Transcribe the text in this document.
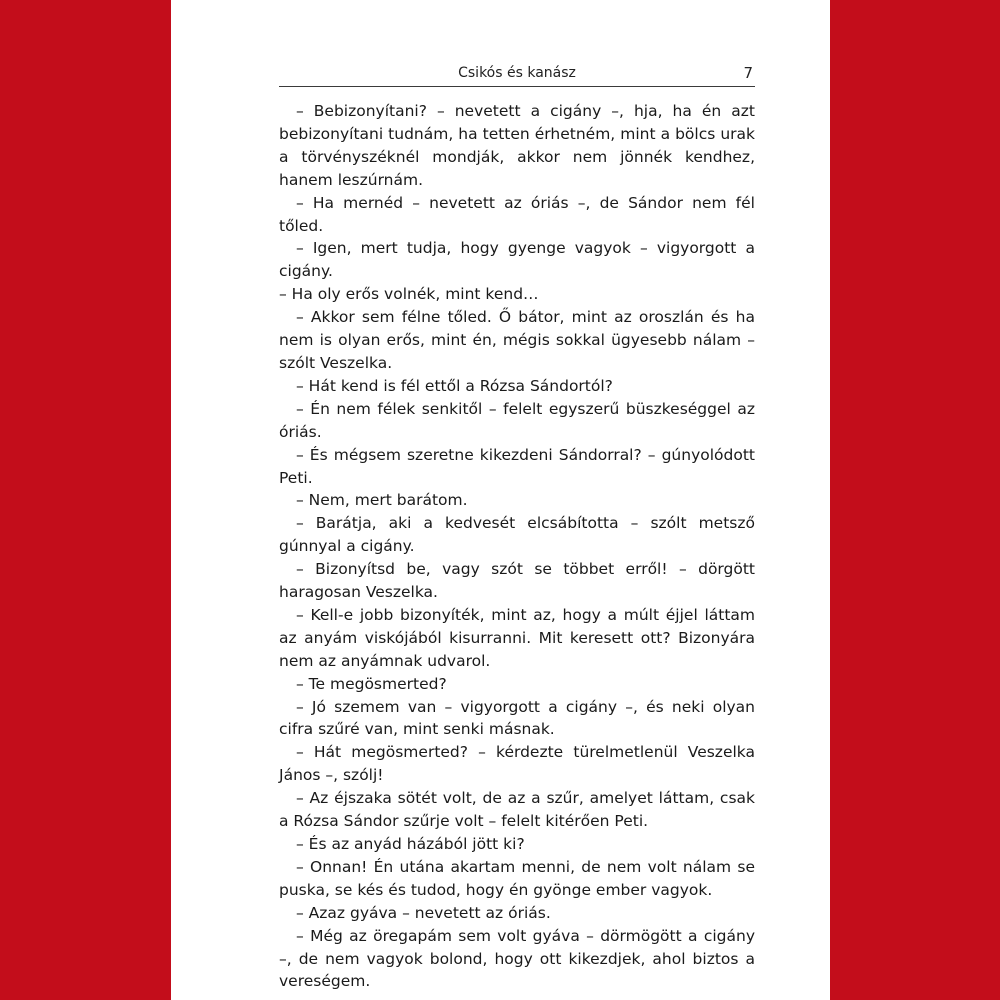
Csikós és kanász	7

– Bebizonyítani? – nevetett a cigány –, hja, ha én azt bebizonyítani tudnám, ha tetten érhetném, mint a bölcs urak a törvényszéknél mondják, akkor nem jönnék kendhez, hanem leszúrnám.

– Ha mernéd – nevetett az óriás –, de Sándor nem fél tőled.

– Igen, mert tudja, hogy gyenge vagyok – vigyorgott a cigány.

– Ha oly erős volnék, mint kend…

– Akkor sem félne tőled. Ő bátor, mint az oroszlán és ha nem is olyan erős, mint én, mégis sokkal ügyesebb nálam – szólt Veszelka.

– Hát kend is fél ettől a Rózsa Sándortól?

– Én nem félek senkitől – felelt egyszerű büszkeséggel az óriás.

– És mégsem szeretne kikezdeni Sándorral? – gúnyolódott Peti.

– Nem, mert barátom.

– Barátja, aki a kedvesét elcsábította – szólt metsző gúnnyal a cigány.

– Bizonyítsd be, vagy szót se többet erről! – dörgött haragosan Veszelka.

– Kell-e jobb bizonyíték, mint az, hogy a múlt éjjel láttam az anyám viskójából kisurranni. Mit keresett ott? Bizonyára nem az anyámnak udvarol.

– Te megösmerted?

– Jó szemem van – vigyorgott a cigány –, és neki olyan cifra szűré van, mint senki másnak.

– Hát megösmerted? – kérdezte türelmetlenül Veszelka János –, szólj!

– Az éjszaka sötét volt, de az a szűr, amelyet láttam, csak a Rózsa Sándor szűrje volt – felelt kitérően Peti.

– És az anyád házából jött ki?

– Onnan! Én utána akartam menni, de nem volt nálam se puska, se kés és tudod, hogy én gyönge ember vagyok.

– Azaz gyáva – nevetett az óriás.

– Még az öregapám sem volt gyáva – dörmögött a cigány –, de nem vagyok bolond, hogy ott kikezdjek, ahol biztos a vereségem.
